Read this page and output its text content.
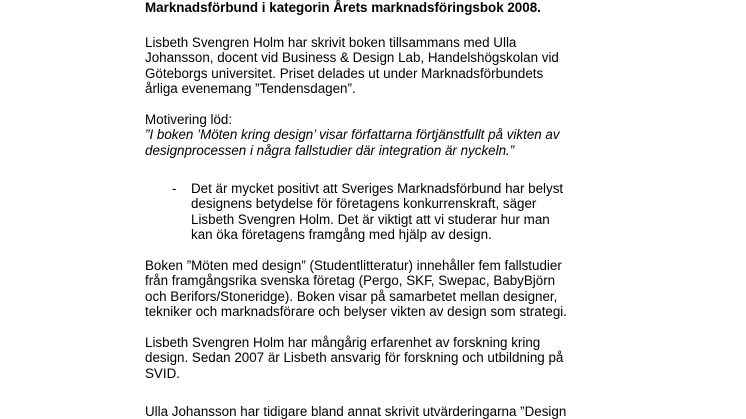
Marknadsförbund i kategorin Årets marknadsföringsbok 2008.

Lisbeth Svengren Holm har skrivit boken tillsammans med Ulla
Johansson, docent vid Business & Design Lab, Handelshögskolan vid
Göteborgs universitet. Priset delades ut under Marknadsförbundets
årliga evenemang ”Tendensdagen”.

Motivering löd:
”I boken ’Möten kring design’ visar författarna förtjänstfullt på vikten av
designprocessen i några fallstudier där integration är nyckeln.”

- Det är mycket positivt att Sveriges Marknadsförbund har belyst
designens betydelse för företagens konkurrenskraft, säger
Lisbeth Svengren Holm. Det är viktigt att vi studerar hur man
kan öka företagens framgång med hjälp av design.

Boken ”Möten med design” (Studentlitteratur) innehåller fem fallstudier
från framgångsrika svenska företag (Pergo, SKF, Swepac, BabyBjörn
och Berifors/Stoneridge). Boken visar på samarbetet mellan designer,
tekniker och marknadsförare och belyser vikten av design som strategi.

Lisbeth Svengren Holm har mångårig erfarenhet av forskning kring
design. Sedan 2007 är Lisbeth ansvarig för forskning och utbildning på
SVID.

Ulla Johansson har tidigare bland annat skrivit utvärderingarna ”Design
